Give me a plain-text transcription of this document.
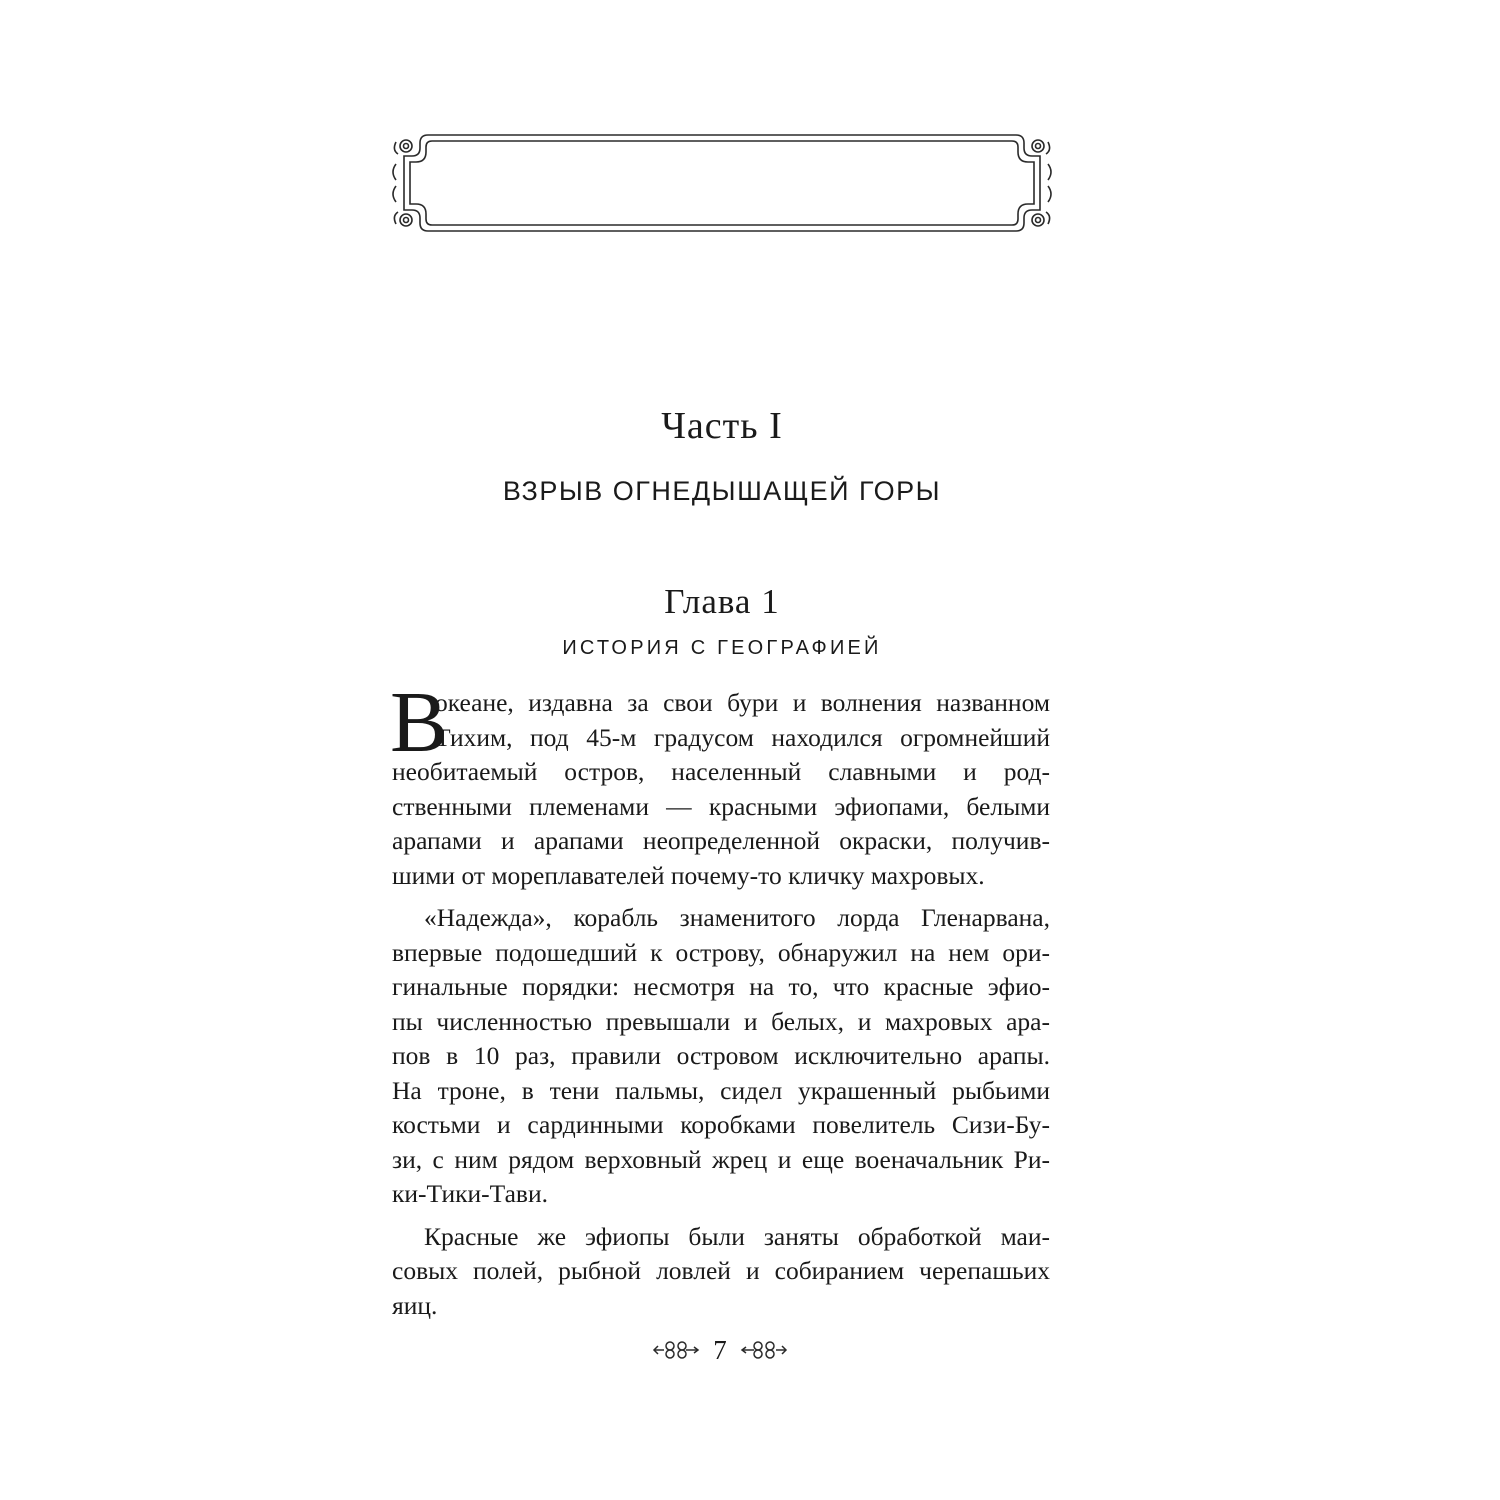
Часть I
ВЗРЫВ ОГНЕДЫШАЩЕЙ ГОРЫ
Глава 1
ИСТОРИЯ С ГЕОГРАФИЕЙ
В
океане, издавна за свои бури и волнения названном
Тихим, под 45-м градусом находился огромнейший
необитаемый остров, населенный славными и род-
ственными племенами — красными эфиопами, белыми
арапами и арапами неопределенной окраски, получив-
шими от мореплавателей почему-то кличку махровых.
«Надежда», корабль знаменитого лорда Гленарвана,
впервые подошедший к острову, обнаружил на нем ори-
гинальные порядки: несмотря на то, что красные эфио-
пы численностью превышали и белых, и махровых ара-
пов в 10 раз, правили островом исключительно арапы.
На троне, в тени пальмы, сидел украшенный рыбьими
костьми и сардинными коробками повелитель Сизи-Бу-
зи, с ним рядом верховный жрец и еще военачальник Ри-
ки-Тики-Тави.
Красные же эфиопы были заняты обработкой маи-
совых полей, рыбной ловлей и собиранием черепашьих
яиц.
7
